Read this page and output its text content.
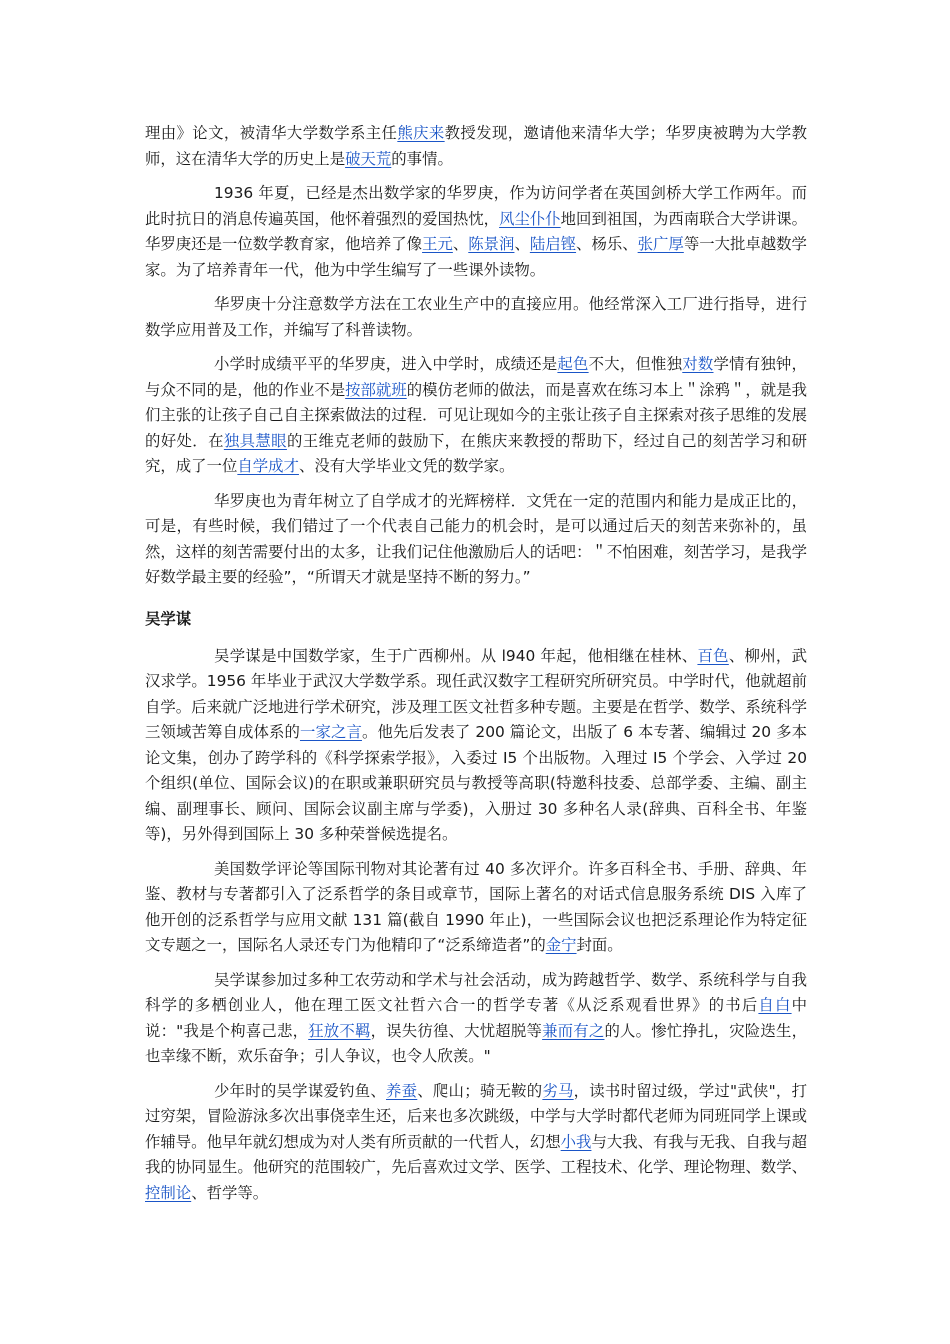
理由》论文，被清华大学数学系主任熊庆来教授发现，邀请他来清华大学；华罗庚被聘为大学教师，这在清华大学的历史上是破天荒的事情。

1936 年夏，已经是杰出数学家的华罗庚，作为访问学者在英国剑桥大学工作两年。而此时抗日的消息传遍英国，他怀着强烈的爱国热忱，风尘仆仆地回到祖国，为西南联合大学讲课。 华罗庚还是一位数学教育家，他培养了像王元、陈景润、陆启铿、杨乐、张广厚等一大批卓越数学家。为了培养青年一代，他为中学生编写了一些课外读物。

华罗庚十分注意数学方法在工农业生产中的直接应用。他经常深入工厂进行指导，进行数学应用普及工作，并编写了科普读物。

小学时成绩平平的华罗庚，进入中学时，成绩还是起色不大，但惟独对数学情有独钟，与众不同的是，他的作业不是按部就班的模仿老师的做法，而是喜欢在练习本上＂涂鸦＂，就是我们主张的让孩子自己自主探索做法的过程．可见让现如今的主张让孩子自主探索对孩子思维的发展的好处．在独具慧眼的王维克老师的鼓励下，在熊庆来教授的帮助下，经过自己的刻苦学习和研究，成了一位自学成才、没有大学毕业文凭的数学家。

华罗庚也为青年树立了自学成才的光辉榜样．文凭在一定的范围内和能力是成正比的，可是，有些时候，我们错过了一个代表自己能力的机会时，是可以通过后天的刻苦来弥补的，虽然，这样的刻苦需要付出的太多，让我们记住他激励后人的话吧：＂不怕困难，刻苦学习，是我学好数学最主要的经验”，“所谓天才就是坚持不断的努力。”

吴学谋

吴学谋是中国数学家，生于广西柳州。从 l940 年起，他相继在桂林、百色、柳州，武汉求学。1956 年毕业于武汉大学数学系。现任武汉数字工程研究所研究员。中学时代，他就超前自学。后来就广泛地进行学术研究，涉及理工医文社哲多种专题。主要是在哲学、数学、系统科学三领域苦筹自成体系的一家之言。他先后发表了 200 篇论文，出版了 6 本专著、编辑过 20 多本论文集，创办了跨学科的《科学探索学报》，入委过 I5 个出版物。入理过 I5 个学会、入学过 20 个组织(单位、国际会议)的在职或兼职研究员与教授等高职(特邀科技委、总部学委、主编、副主编、副理事长、顾问、国际会议副主席与学委)，入册过 30 多种名人录(辞典、百科全书、年鉴等)，另外得到国际上 30 多种荣誉候选提名。

美国数学评论等国际刊物对其论著有过 40 多次评介。许多百科全书、手册、辞典、年鉴、教材与专著都引入了泛系哲学的条目或章节，国际上著名的对话式信息服务系统 DIS 入库了他开创的泛系哲学与应用文献 131 篇(截自 1990 年止)，一些国际会议也把泛系理论作为特定征文专题之一，国际名人录还专门为他精印了“泛系缔造者”的金宁封面。

吴学谋参加过多种工农劳动和学术与社会活动，成为跨越哲学、数学、系统科学与自我科学的多栖创业人，他在理工医文社哲六合一的哲学专著《从泛系观看世界》的书后自白中说："我是个枸喜己悲，狂放不羁，误失彷徨、大忧超脱等兼而有之的人。惨忙挣扎，灾险迭生，也幸缘不断，欢乐奋争；引人争议，也令人欣羡。"

少年时的吴学谋爱钓鱼、养蚕、爬山；骑无鞍的劣马，读书时留过级，学过"武侠"，打过穷架，冒险游泳多次出事侥幸生还，后来也多次跳级，中学与大学时都代老师为同班同学上课或作辅导。他早年就幻想成为对人类有所贡献的一代哲人，幻想小我与大我、有我与无我、自我与超我的协同显生。他研究的范围较广，先后喜欢过文学、医学、工程技术、化学、理论物理、数学、控制论、哲学等。
